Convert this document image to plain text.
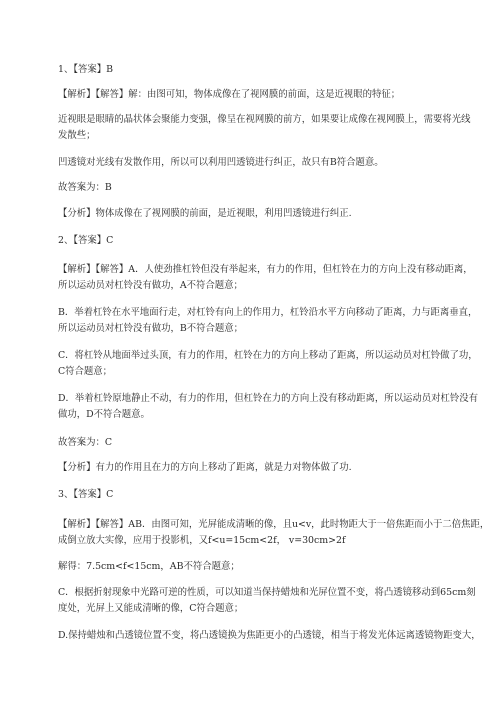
1、【答案】B
【解析】【解答】解：由图可知，物体成像在了视网膜的前面，这是近视眼的特征；
近视眼是眼睛的晶状体会聚能力变强，像呈在视网膜的前方，如果要让成像在视网膜上，需要将光线
发散些；
凹透镜对光线有发散作用，所以可以利用凹透镜进行纠正，故只有B符合题意。
故答案为：B
【分析】物体成像在了视网膜的前面，是近视眼，利用凹透镜进行纠正.
2、【答案】C
【解析】【解答】A．人使劲推杠铃但没有举起来，有力的作用，但杠铃在力的方向上没有移动距离，
所以运动员对杠铃没有做功，A不符合题意；
B．举着杠铃在水平地面行走，对杠铃有向上的作用力，杠铃沿水平方向移动了距离，力与距离垂直，
所以运动员对杠铃没有做功，B不符合题意；
C．将杠铃从地面举过头顶，有力的作用，杠铃在力的方向上移动了距离，所以运动员对杠铃做了功，
C符合题意；
D．举着杠铃原地静止不动，有力的作用，但杠铃在力的方向上没有移动距离，所以运动员对杠铃没有
做功，D不符合题意。
故答案为：C
【分析】有力的作用且在力的方向上移动了距离，就是力对物体做了功.
3、【答案】C
【解析】【解答】AB．由图可知，光屏能成清晰的像，且u<v，此时物距大于一倍焦距而小于二倍焦距，
成倒立放大实像，应用于投影机，又f<u=15cm<2f， v=30cm>2f
解得：7.5cm<f<15cm，AB不符合题意；
C．根据折射现象中光路可逆的性质，可以知道当保持蜡烛和光屏位置不变，将凸透镜移动到65cm刻
度处，光屏上又能成清晰的像，C符合题意；
D.保持蜡烛和凸透镜位置不变，将凸透镜换为焦距更小的凸透镜，相当于将发光体远离透镜物距变大，
